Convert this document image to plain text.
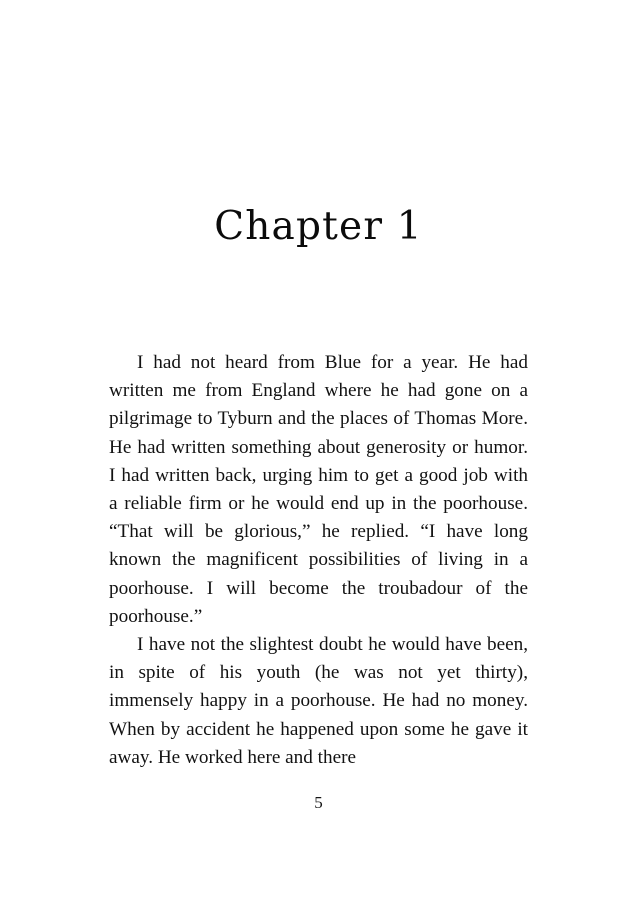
Chapter 1

I had not heard from Blue for a year. He had written me from England where he had gone on a pilgrimage to Tyburn and the places of Thomas More. He had written something about generosity or humor. I had written back, urging him to get a good job with a reliable firm or he would end up in the poorhouse. “That will be glorious,” he replied. “I have long known the magnificent possibilities of living in a poorhouse. I will become the troubadour of the poorhouse.”

I have not the slightest doubt he would have been, in spite of his youth (he was not yet thirty), immensely happy in a poorhouse. He had no money. When by accident he happened upon some he gave it away. He worked here and there

5
